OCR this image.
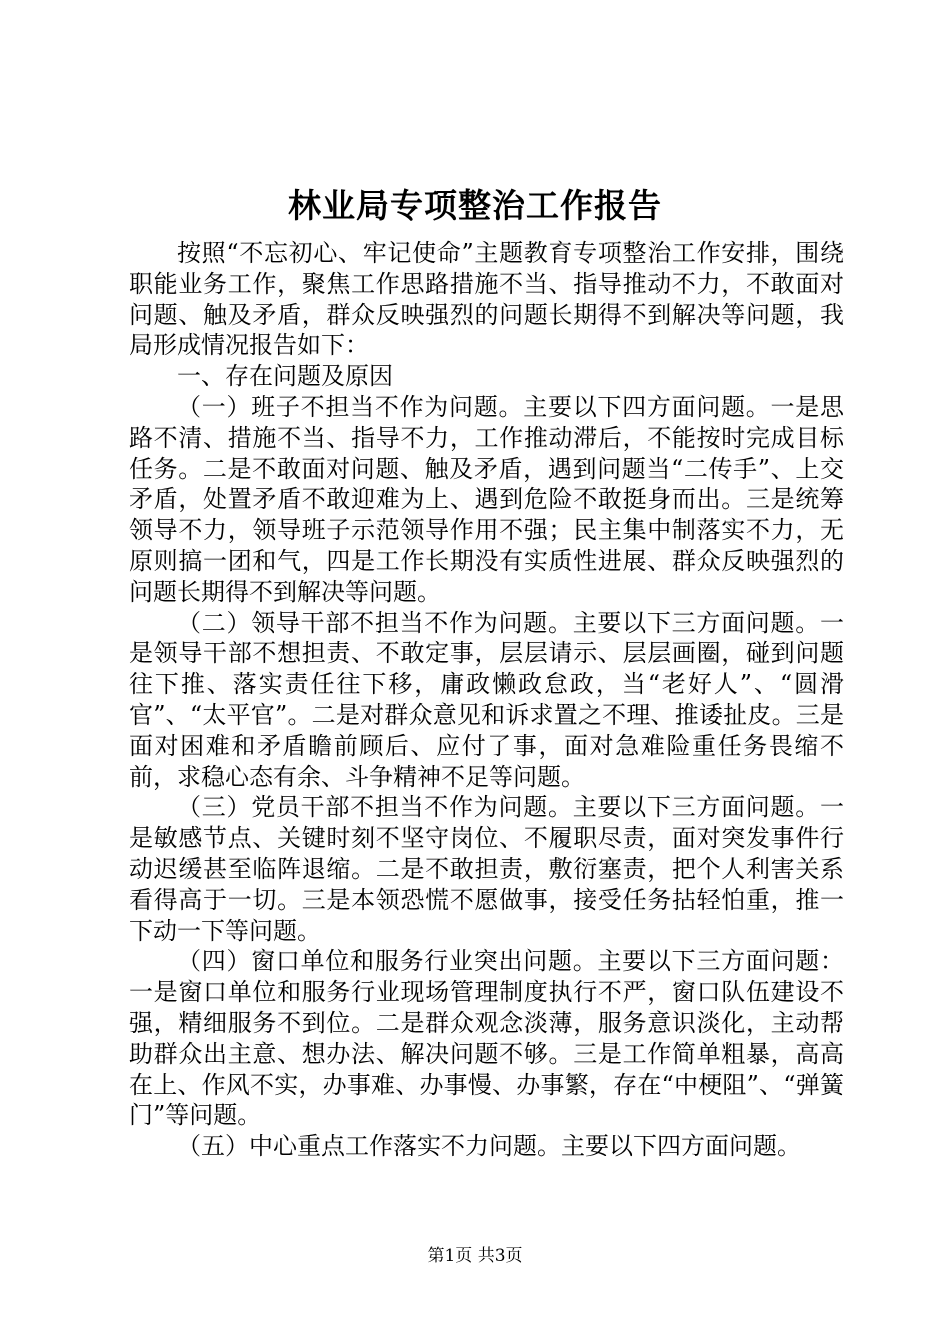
林业局专项整治工作报告

按照“不忘初心、牢记使命”主题教育专项整治工作安排，围绕职能业务工作，聚焦工作思路措施不当、指导推动不力，不敢面对问题、触及矛盾，群众反映强烈的问题长期得不到解决等问题，我局形成情况报告如下：

一、存在问题及原因

（一）班子不担当不作为问题。主要以下四方面问题。一是思路不清、措施不当、指导不力，工作推动滞后，不能按时完成目标任务。二是不敢面对问题、触及矛盾，遇到问题当“二传手”、上交矛盾，处置矛盾不敢迎难为上、遇到危险不敢挺身而出。三是统筹领导不力，领导班子示范领导作用不强；民主集中制落实不力，无原则搞一团和气，四是工作长期没有实质性进展、群众反映强烈的问题长期得不到解决等问题。

（二）领导干部不担当不作为问题。主要以下三方面问题。一是领导干部不想担责、不敢定事，层层请示、层层画圈，碰到问题往下推、落实责任往下移，庸政懒政怠政，当“老好人”、“圆滑官”、“太平官”。二是对群众意见和诉求置之不理、推诿扯皮。三是面对困难和矛盾瞻前顾后、应付了事，面对急难险重任务畏缩不前，求稳心态有余、斗争精神不足等问题。

（三）党员干部不担当不作为问题。主要以下三方面问题。一是敏感节点、关键时刻不坚守岗位、不履职尽责，面对突发事件行动迟缓甚至临阵退缩。二是不敢担责，敷衍塞责，把个人利害关系看得高于一切。三是本领恐慌不愿做事，接受任务拈轻怕重，推一下动一下等问题。

（四）窗口单位和服务行业突出问题。主要以下三方面问题：一是窗口单位和服务行业现场管理制度执行不严，窗口队伍建设不强，精细服务不到位。二是群众观念淡薄，服务意识淡化，主动帮助群众出主意、想办法、解决问题不够。三是工作简单粗暴，高高在上、作风不实，办事难、办事慢、办事繁，存在“中梗阻”、“弹簧门”等问题。

（五）中心重点工作落实不力问题。主要以下四方面问题。

第1页 共3页
